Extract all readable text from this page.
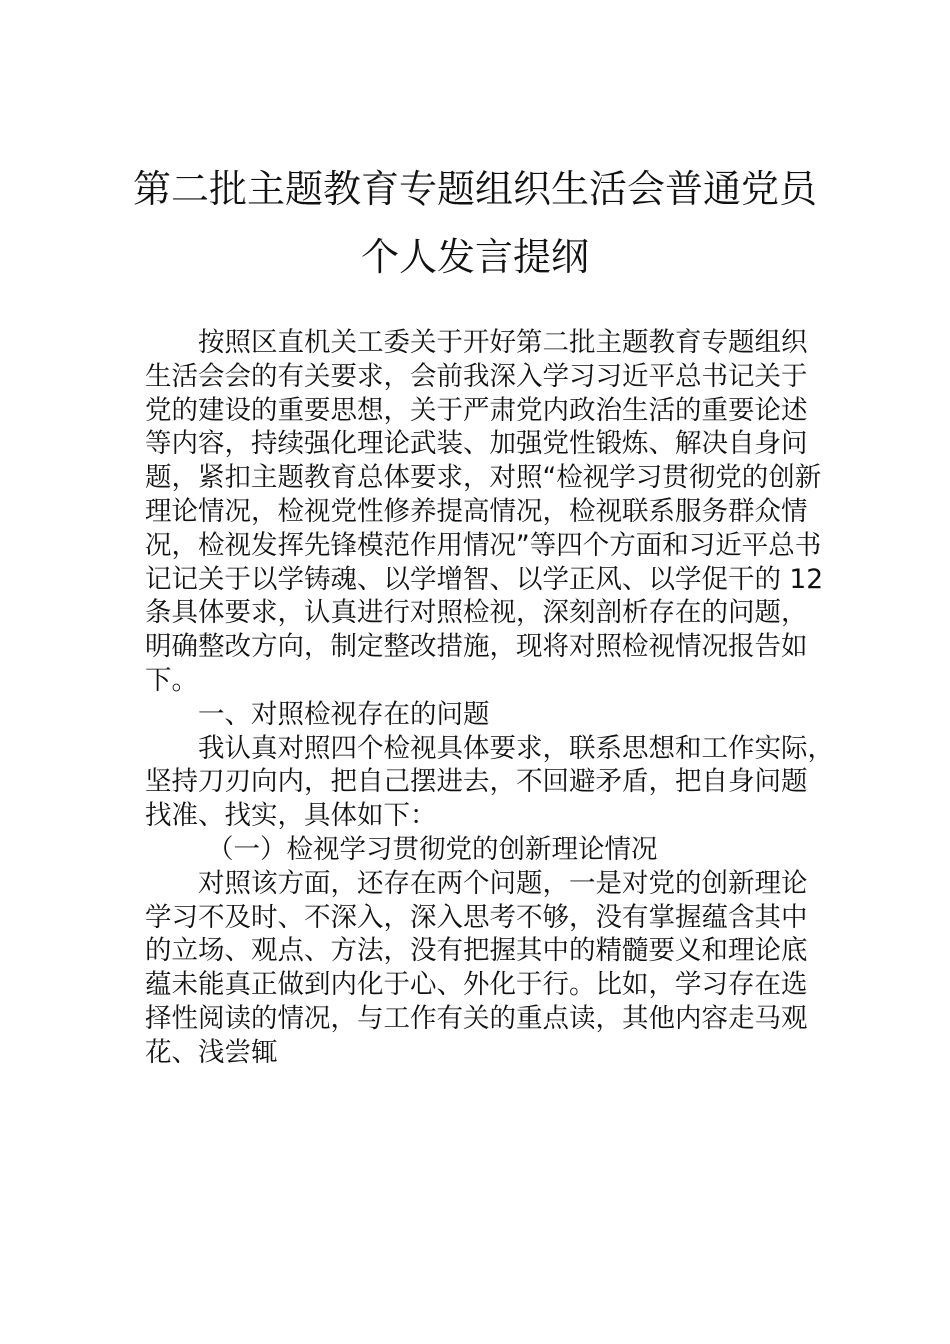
第二批主题教育专题组织生活会普通党员
个人发言提纲
按照区直机关工委关于开好第二批主题教育专题组织
生活会会的有关要求，会前我深入学习习近平总书记关于
党的建设的重要思想，关于严肃党内政治生活的重要论述
等内容，持续强化理论武装、加强党性锻炼、解决自身问
题，紧扣主题教育总体要求，对照“检视学习贯彻党的创新
理论情况，检视党性修养提高情况，检视联系服务群众情
况，检视发挥先锋模范作用情况”等四个方面和习近平总书
记记关于以学铸魂、以学增智、以学正风、以学促干的 12
条具体要求，认真进行对照检视，深刻剖析存在的问题，
明确整改方向，制定整改措施，现将对照检视情况报告如
下。
一、对照检视存在的问题
我认真对照四个检视具体要求，联系思想和工作实际，
坚持刀刃向内，把自己摆进去，不回避矛盾，把自身问题
找准、找实，具体如下：
（一）检视学习贯彻党的创新理论情况
对照该方面，还存在两个问题，一是对党的创新理论
学习不及时、不深入，深入思考不够，没有掌握蕴含其中
的立场、观点、方法，没有把握其中的精髓要义和理论底
蕴未能真正做到内化于心、外化于行。比如，学习存在选
择性阅读的情况，与工作有关的重点读，其他内容走马观
花、浅尝辄
